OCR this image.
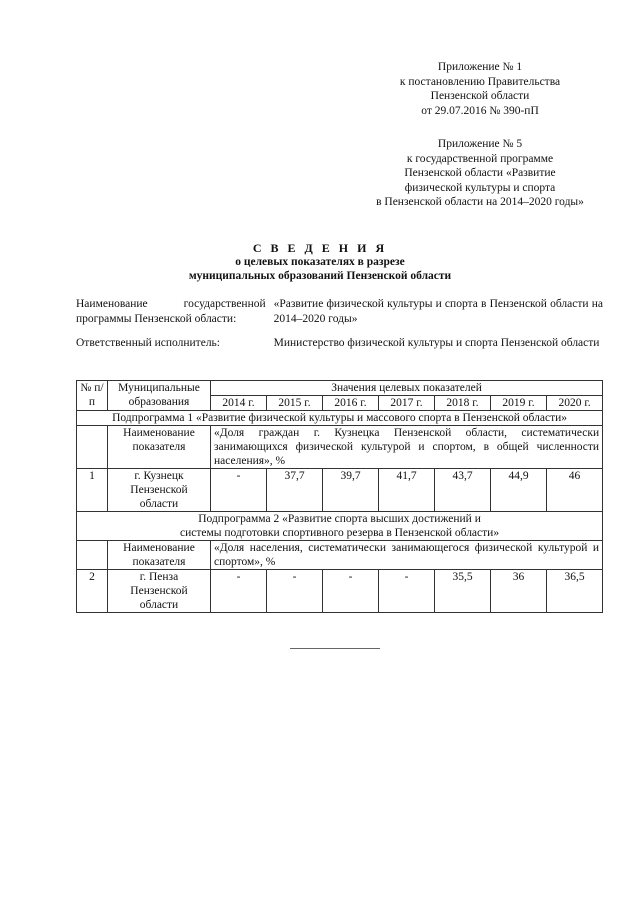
Приложение № 1
к постановлению Правительства
Пензенской области
от 29.07.2016 № 390-пП
Приложение № 5
к государственной программе
Пензенской области «Развитие
физической культуры и спорта
в Пензенской области на 2014–2020 годы»
С В Е Д Е Н И Я
о целевых показателях в разрезе
муниципальных образований Пензенской области
Наименование государственной программы Пензенской области:
«Развитие физической культуры и спорта в Пензенской области на 2014–2020 годы»
Ответственный исполнитель:	Министерство физической культуры и спорта Пензенской области
№ п/п	Муниципальные образования	Значения целевых показателей						
		2014 г.	2015 г.	2016 г.	2017 г.	2018 г.	2019 г.	2020 г.
Подпрограмма 1 «Развитие физической культуры и массового спорта в Пензенской области»								
	Наименование показателя	«Доля граждан г. Кузнецка Пензенской области, систематически занимающихся физической культурой и спортом, в общей численности населения», %						
1	г. Кузнецк Пензенской области	-	37,7	39,7	41,7	43,7	44,9	46

Подпрограмма 2 «Развитие спорта высших достижений и
системы подготовки спортивного резерва в Пензенской области»								

	Наименование показателя	«Доля населения, систематически занимающегося физической культурой и спортом», %						
2	г. Пенза Пензенской области	-	-	-	-	35,5	36	36,5
